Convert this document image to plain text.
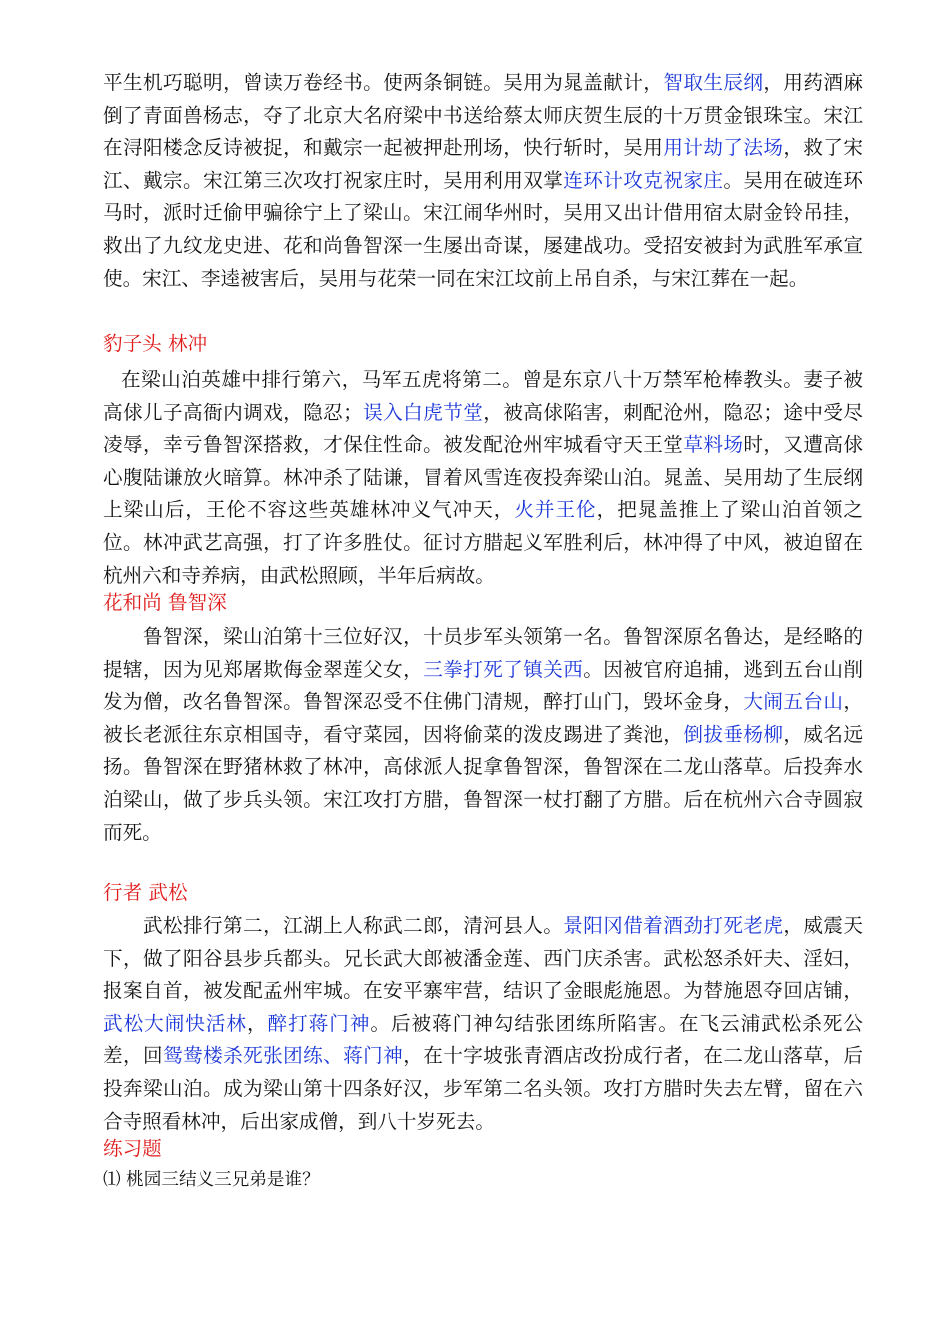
平生机巧聪明，曾读万卷经书。使两条铜链。吴用为晁盖献计，智取生辰纲，用药酒麻倒了青面兽杨志，夺了北京大名府梁中书送给蔡太师庆贺生辰的十万贯金银珠宝。宋江在浔阳楼念反诗被捉，和戴宗一起被押赴刑场，快行斩时，吴用用计劫了法场，救了宋江、戴宗。宋江第三次攻打祝家庄时，吴用利用双掌连环计攻克祝家庄。吴用在破连环马时，派时迁偷甲骗徐宁上了梁山。宋江闹华州时，吴用又出计借用宿太尉金铃吊挂，救出了九纹龙史进、花和尚鲁智深一生屡出奇谋，屡建战功。受招安被封为武胜军承宣使。宋江、李逵被害后，吴用与花荣一同在宋江坟前上吊自杀，与宋江葬在一起。

豹子头 林冲

在梁山泊英雄中排行第六，马军五虎将第二。曾是东京八十万禁军枪棒教头。妻子被高俅儿子高衙内调戏，隐忍；误入白虎节堂，被高俅陷害，刺配沧州，隐忍；途中受尽凌辱，幸亏鲁智深搭救，才保住性命。被发配沧州牢城看守天王堂草料场时，又遭高俅心腹陆谦放火暗算。林冲杀了陆谦，冒着风雪连夜投奔梁山泊。晁盖、吴用劫了生辰纲上梁山后，王伦不容这些英雄林冲义气冲天，火并王伦，把晁盖推上了梁山泊首领之位。林冲武艺高强，打了许多胜仗。征讨方腊起义军胜利后，林冲得了中风，被迫留在杭州六和寺养病，由武松照顾，半年后病故。

花和尚 鲁智深

鲁智深，梁山泊第十三位好汉，十员步军头领第一名。鲁智深原名鲁达，是经略的提辖，因为见郑屠欺侮金翠莲父女，三拳打死了镇关西。因被官府追捕，逃到五台山削发为僧，改名鲁智深。鲁智深忍受不住佛门清规，醉打山门，毁坏金身，大闹五台山，被长老派往东京相国寺，看守菜园，因将偷菜的泼皮踢进了粪池，倒拔垂杨柳，威名远扬。鲁智深在野猪林救了林冲，高俅派人捉拿鲁智深，鲁智深在二龙山落草。后投奔水泊梁山，做了步兵头领。宋江攻打方腊，鲁智深一杖打翻了方腊。后在杭州六合寺圆寂而死。

行者 武松

武松排行第二，江湖上人称武二郎，清河县人。景阳冈借着酒劲打死老虎，威震天下，做了阳谷县步兵都头。兄长武大郎被潘金莲、西门庆杀害。武松怒杀奸夫、淫妇，报案自首，被发配孟州牢城。在安平寨牢营，结识了金眼彪施恩。为替施恩夺回店铺，武松大闹快活林，醉打蒋门神。后被蒋门神勾结张团练所陷害。在飞云浦武松杀死公差，回鸳鸯楼杀死张团练、蒋门神，在十字坡张青酒店改扮成行者，在二龙山落草，后投奔梁山泊。成为梁山第十四条好汉，步军第二名头领。攻打方腊时失去左臂，留在六合寺照看林冲，后出家成僧，到八十岁死去。

练习题
⑴ 桃园三结义三兄弟是谁？
